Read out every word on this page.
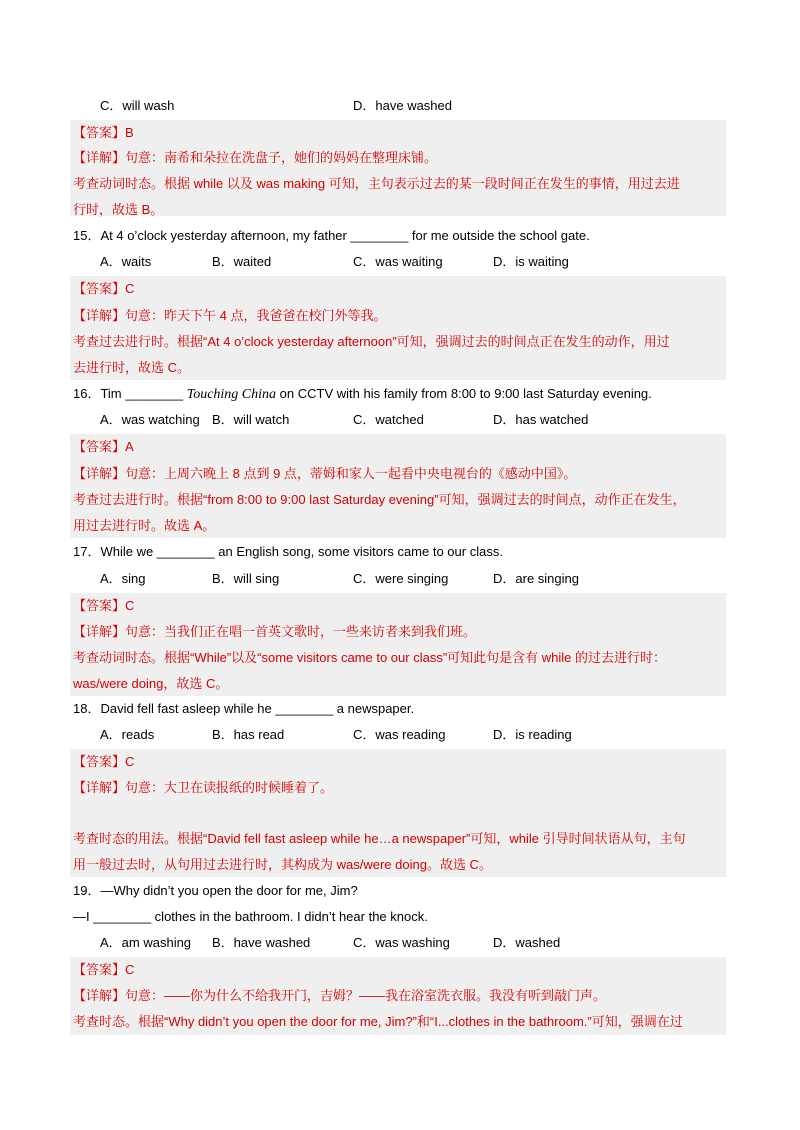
C．will wash	D．have washed
【答案】B
【详解】句意：南希和朵拉在洗盘子，她们的妈妈在整理床铺。
考查动词时态。根据 while 以及 was making 可知，主句表示过去的某一段时间正在发生的事情，用过去进
行时，故选 B。
15．At 4 o’clock yesterday afternoon, my father ________ for me outside the school gate.
A．waits	B．waited	C．was waiting	D．is waiting
【答案】C
【详解】句意：昨天下午 4 点，我爸爸在校门外等我。
考查过去进行时。根据“At 4 o’clock yesterday afternoon”可知，强调过去的时间点正在发生的动作，用过
去进行时，故选 C。
16．Tim ________ Touching China on CCTV with his family from 8:00 to 9:00 last Saturday evening.
A．was watching B．will watch	C．watched	D．has watched
【答案】A
【详解】句意：上周六晚上 8 点到 9 点，蒂姆和家人一起看中央电视台的《感动中国》。
考查过去进行时。根据“from 8:00 to 9:00 last Saturday evening”可知，强调过去的时间点，动作正在发生，
用过去进行时。故选 A。
17．While we ________ an English song, some visitors came to our class.
A．sing	B．will sing	C．were singing	D．are singing
【答案】C
【详解】句意：当我们正在唱一首英文歌时，一些来访者来到我们班。
考查动词时态。根据“While”以及“some visitors came to our class”可知此句是含有 while 的过去进行时：
was/were doing，故选 C。
18．David fell fast asleep while he ________ a newspaper.
A．reads	B．has read	C．was reading	D．is reading
【答案】C
【详解】句意：大卫在读报纸的时候睡着了。
考查时态的用法。根据“David fell fast asleep while he…a newspaper”可知，while 引导时间状语从句，主句
用一般过去时，从句用过去进行时，其构成为 was/were doing。故选 C。
19．—Why didn’t you open the door for me, Jim?
—I ________ clothes in the bathroom. I didn’t hear the knock.
A．am washing B．have washed	C．was washing	D．washed
【答案】C
【详解】句意：——你为什么不给我开门，吉姆？——我在浴室洗衣服。我没有听到敲门声。
考查时态。根据“Why didn’t you open the door for me, Jim?”和“I...clothes in the bathroom.”可知，强调在过
